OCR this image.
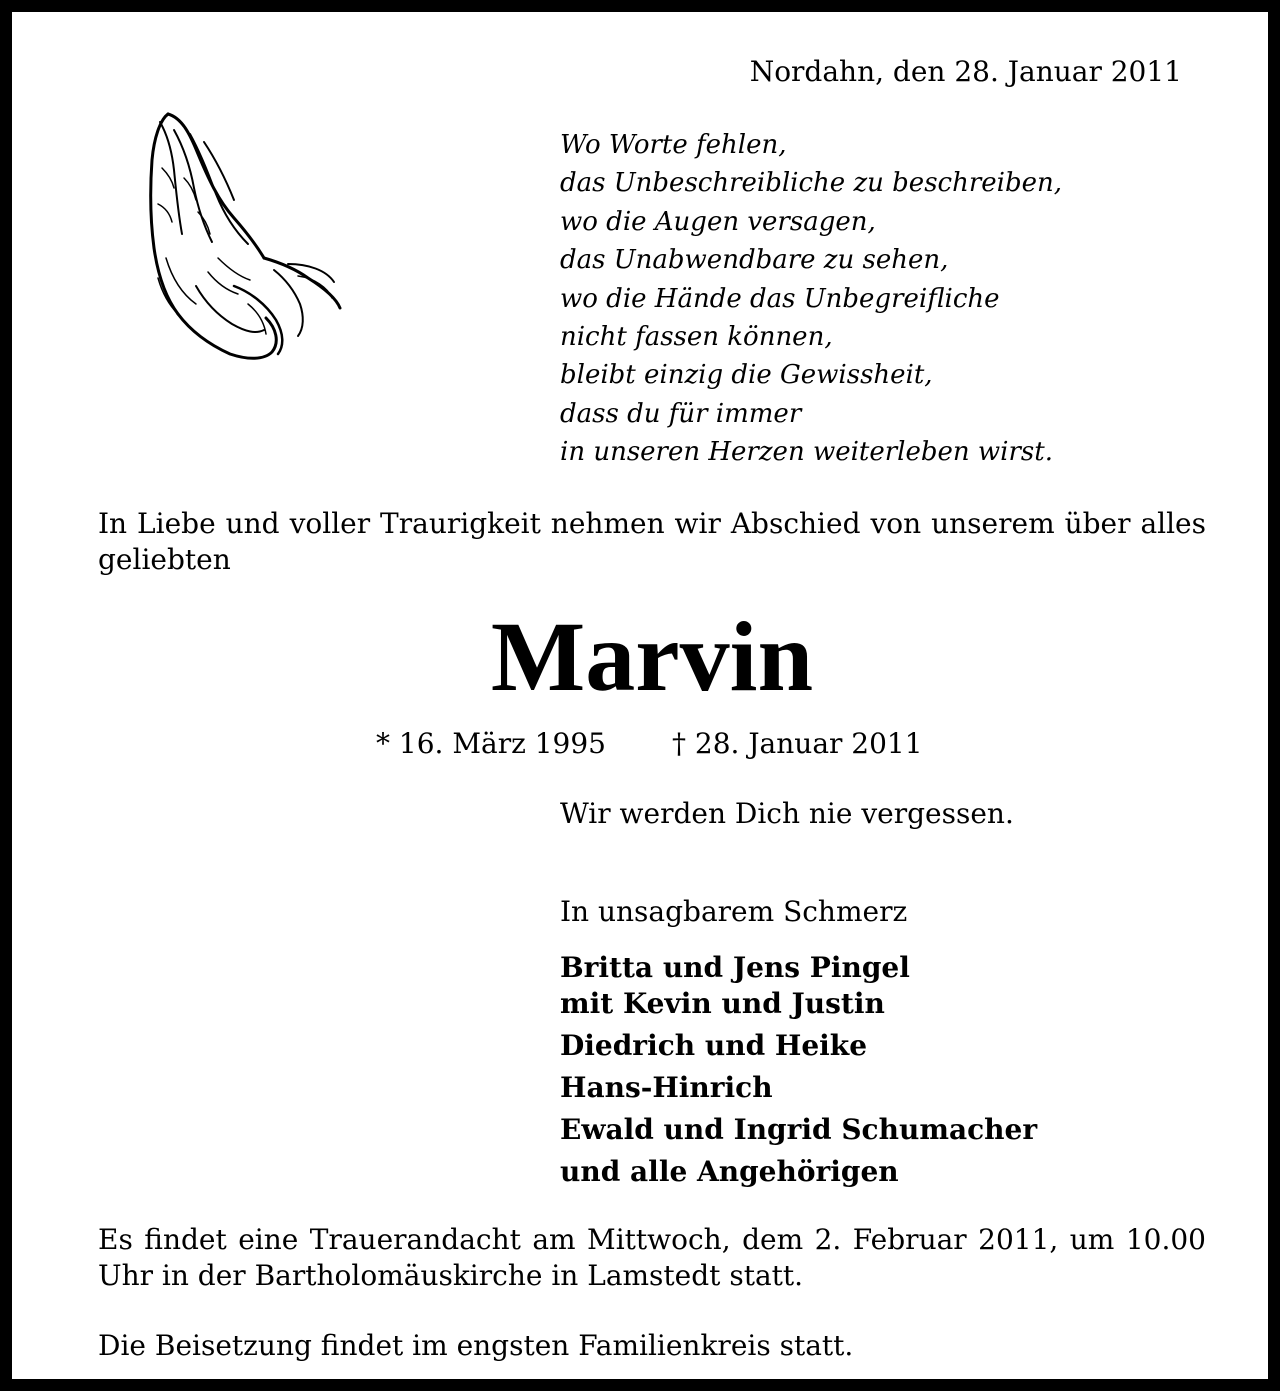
Nordahn, den 28. Januar 2011

Wo Worte fehlen,
das Unbeschreibliche zu beschreiben,
wo die Augen versagen,
das Unabwendbare zu sehen,
wo die Hände das Unbegreifliche
nicht fassen können,
bleibt einzig die Gewissheit,
dass du für immer
in unseren Herzen weiterleben wirst.

In Liebe und voller Traurigkeit nehmen wir Abschied von unserem über alles geliebten

Marvin

* 16. März 1995 † 28. Januar 2011

Wir werden Dich nie vergessen.

In unsagbarem Schmerz

Britta und Jens Pingel
mit Kevin und Justin
Diedrich und Heike
Hans-Hinrich
Ewald und Ingrid Schumacher
und alle Angehörigen

Es findet eine Trauerandacht am Mittwoch, dem 2. Februar 2011, um 10.00 Uhr in der Bartholomäuskirche in Lamstedt statt.

Die Beisetzung findet im engsten Familienkreis statt.
